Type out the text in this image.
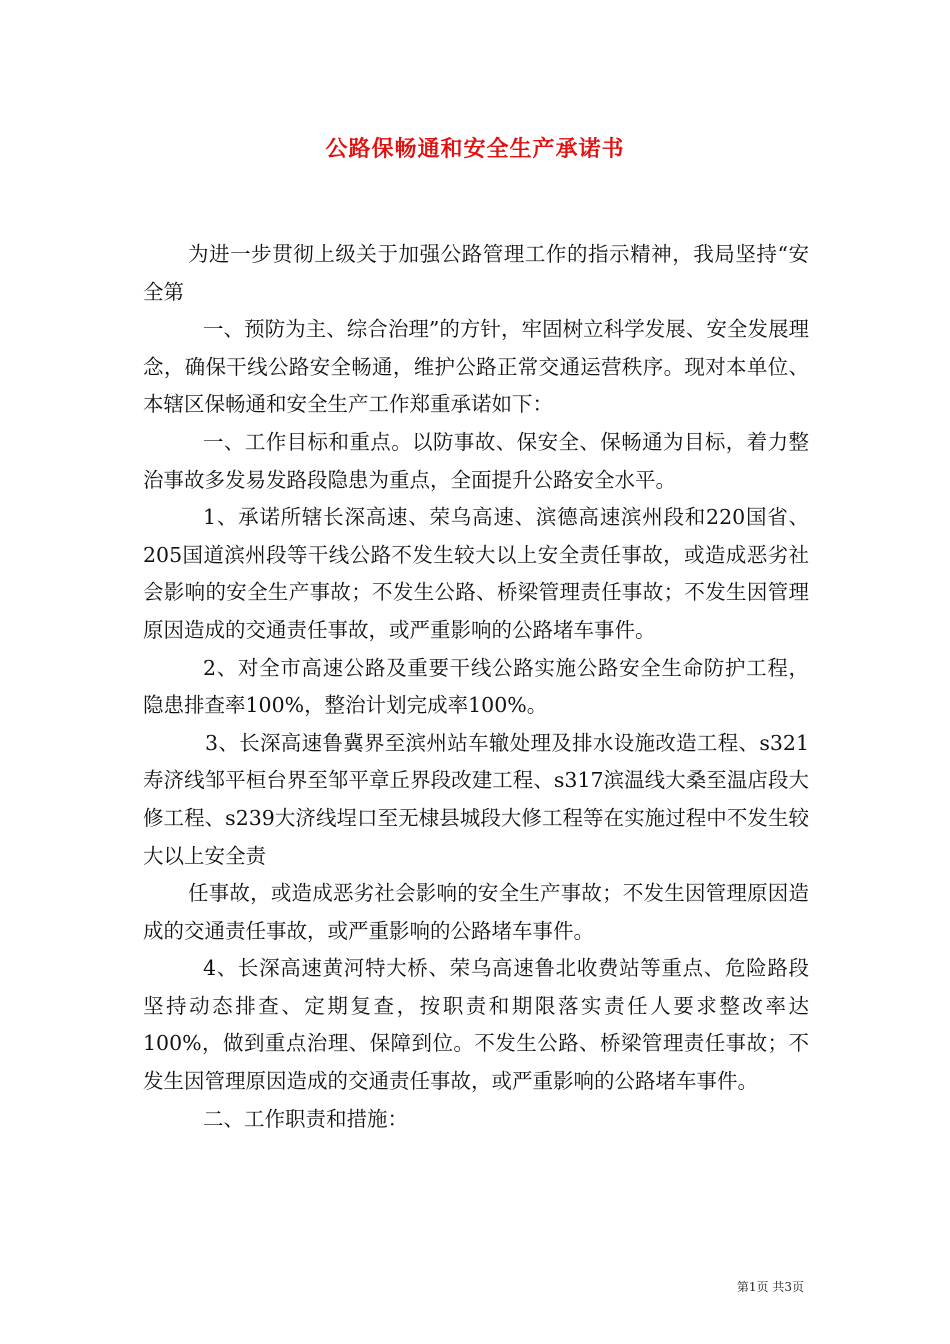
公路保畅通和安全生产承诺书

为进一步贯彻上级关于加强公路管理工作的指示精神，我局坚持“安全第

一、预防为主、综合治理”的方针，牢固树立科学发展、安全发展理念，确保干线公路安全畅通，维护公路正常交通运营秩序。现对本单位、本辖区保畅通和安全生产工作郑重承诺如下：

一、工作目标和重点。以防事故、保安全、保畅通为目标，着力整治事故多发易发路段隐患为重点，全面提升公路安全水平。

1、承诺所辖长深高速、荣乌高速、滨德高速滨州段和220国省、205国道滨州段等干线公路不发生较大以上安全责任事故，或造成恶劣社会影响的安全生产事故；不发生公路、桥梁管理责任事故；不发生因管理原因造成的交通责任事故，或严重影响的公路堵车事件。

2、对全市高速公路及重要干线公路实施公路安全生命防护工程，隐患排查率100%，整治计划完成率100%。

3、长深高速鲁冀界至滨州站车辙处理及排水设施改造工程、s321寿济线邹平桓台界至邹平章丘界段改建工程、s317滨温线大桑至温店段大修工程、s239大济线埕口至无棣县城段大修工程等在实施过程中不发生较大以上安全责

任事故，或造成恶劣社会影响的安全生产事故；不发生因管理原因造成的交通责任事故，或严重影响的公路堵车事件。

4、长深高速黄河特大桥、荣乌高速鲁北收费站等重点、危险路段坚持动态排查、定期复查，按职责和期限落实责任人要求整改率达100%，做到重点治理、保障到位。不发生公路、桥梁管理责任事故；不发生因管理原因造成的交通责任事故，或严重影响的公路堵车事件。

二、工作职责和措施：

第1页 共3页
